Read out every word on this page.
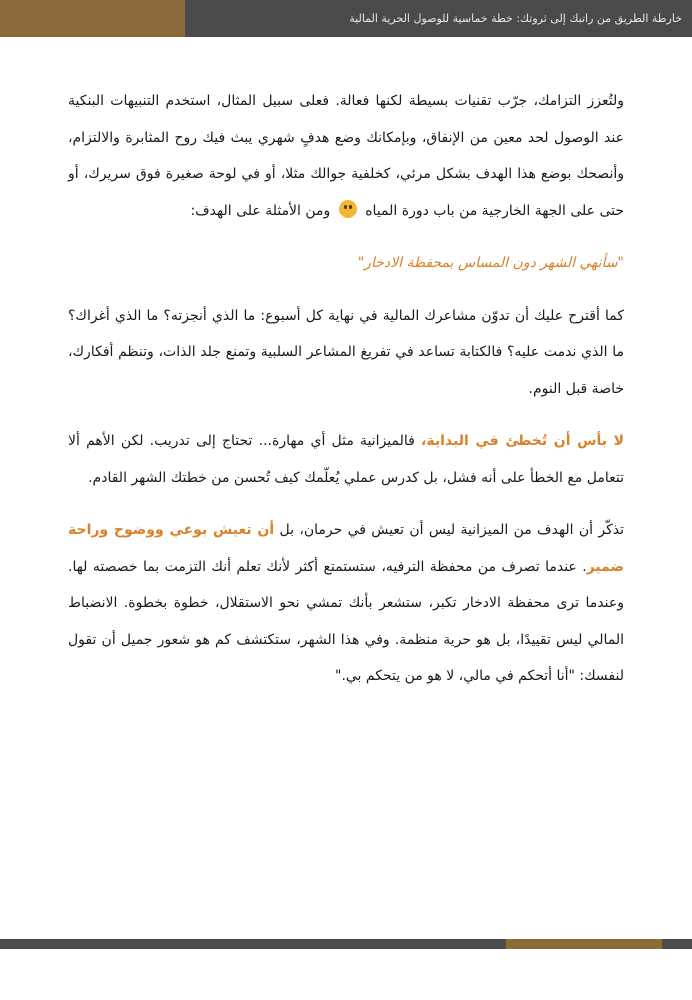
خارطة الطريق من راتبك إلى ثروتك: خطة خماسية للوصول الحرية المالية

ولتُعزز التزامك، جرّب تقنيات بسيطة لكنها فعالة. فعلى سبيل المثال، استخدم التنبيهات البنكية عند الوصول لحد معين من الإنفاق، وبإمكانك وضع هدفٍ شهري يبث فيك روح المثابرة والالتزام، وأنصحك بوضع هذا الهدف بشكل مرئي، كخلفية جوالك مثلا، أو في لوحة صغيرة فوق سريرك، أو حتى على الجهة الخارجية من باب دورة المياه  ومن الأمثلة على الهدف:

"سأنهي الشهر دون المساس بمحفظة الادخار"

كما أقترح عليك أن تدوّن مشاعرك المالية في نهاية كل أسبوع: ما الذي أنجزته؟ ما الذي أغراك؟ ما الذي ندمت عليه؟ فالكتابة تساعد في تفريغ المشاعر السلبية وتمنع جلد الذات، وتنظم أفكارك، خاصة قبل النوم.

لا بأس أن تُخطئ في البداية، فالميزانية مثل أي مهارة... تحتاج إلى تدريب. لكن الأهم ألا تتعامل مع الخطأ على أنه فشل، بل كدرس عملي يُعلّمك كيف تُحسن من خطتك الشهر القادم.

تذكّر أن الهدف من الميزانية ليس أن تعيش في حرمان، بل أن تعيش بوعي ووضوح وراحة ضمير. عندما تصرف من محفظة الترفيه، ستستمتع أكثر لأنك تعلم أنك التزمت بما خصصته لها. وعندما ترى محفظة الادخار تكبر، ستشعر بأنك تمشي نحو الاستقلال، خطوة بخطوة. الانضباط المالي ليس تقييدًا، بل هو حرية منظمة. وفي هذا الشهر، ستكتشف كم هو شعور جميل أن تقول لنفسك: "أنا أتحكم في مالي، لا هو من يتحكم بي."
